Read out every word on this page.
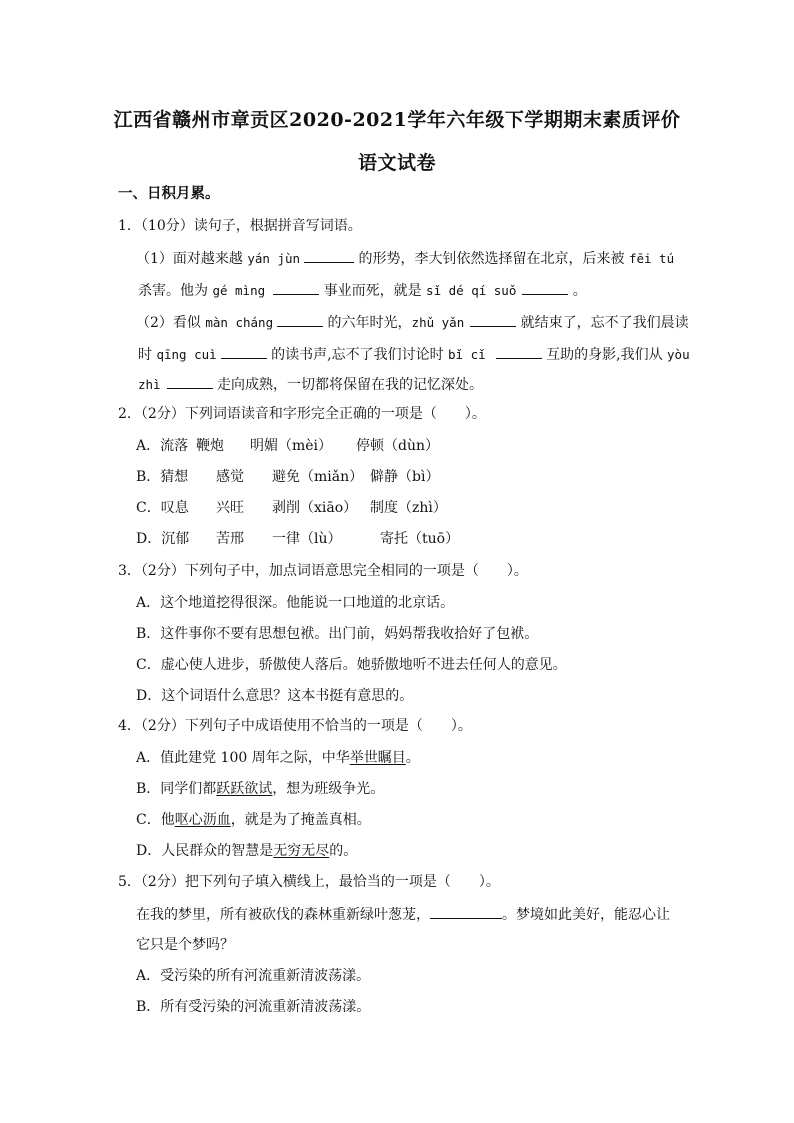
江西省赣州市章贡区2020-2021学年六年级下学期期末素质评价
语文试卷
一、日积月累。
1．（10分）读句子，根据拼音写词语。
（1）面对越来越 yán jùn	的形势，李大钊依然选择留在北京，后来被 fēi tú
杀害。他为 gé mìng	事业而死，就是 sǐ dé qí suǒ	。
（2）看似 màn cháng	的六年时光，zhǔ yǎn	就结束了，忘不了我们晨读
时 qīng cuì	的读书声,忘不了我们讨论时 bǐ cǐ	互助的身影,我们从 yòu
zhì	走向成熟，一切都将保留在我的记忆深处。
2．（2分）下列词语读音和字形完全正确的一项是（　　）。
A．流落 鞭炮 明媚（mèi） 停顿（dùn）
B．猜想 感觉 避免（miǎn） 僻静（bì）
C．叹息 兴旺 剥削（xiāo） 制度（zhì）
D．沉郁 苦邢 一律（lù）	寄托（tuō）
3．（2分）下列句子中，加点词语意思完全相同的一项是（　　）。
A．这个地道挖得很深。他能说一口地道的北京话。
B．这件事你不要有思想包袱。出门前，妈妈帮我收拾好了包袱。
C．虚心使人进步，骄傲使人落后。她骄傲地听不进去任何人的意见。
D．这个词语什么意思？这本书挺有意思的。
4．（2分）下列句子中成语使用不恰当的一项是（　　）。
A．值此建党 100 周年之际，中华举世瞩目。
B．同学们都跃跃欲试，想为班级争光。
C．他呕心沥血，就是为了掩盖真相。
D．人民群众的智慧是无穷无尽的。
5．（2分）把下列句子填入横线上，最恰当的一项是（　　）。
在我的梦里，所有被砍伐的森林重新绿叶葱茏，	。梦境如此美好，能忍心让
它只是个梦吗？
A．受污染的所有河流重新清波荡漾。
B．所有受污染的河流重新清波荡漾。
